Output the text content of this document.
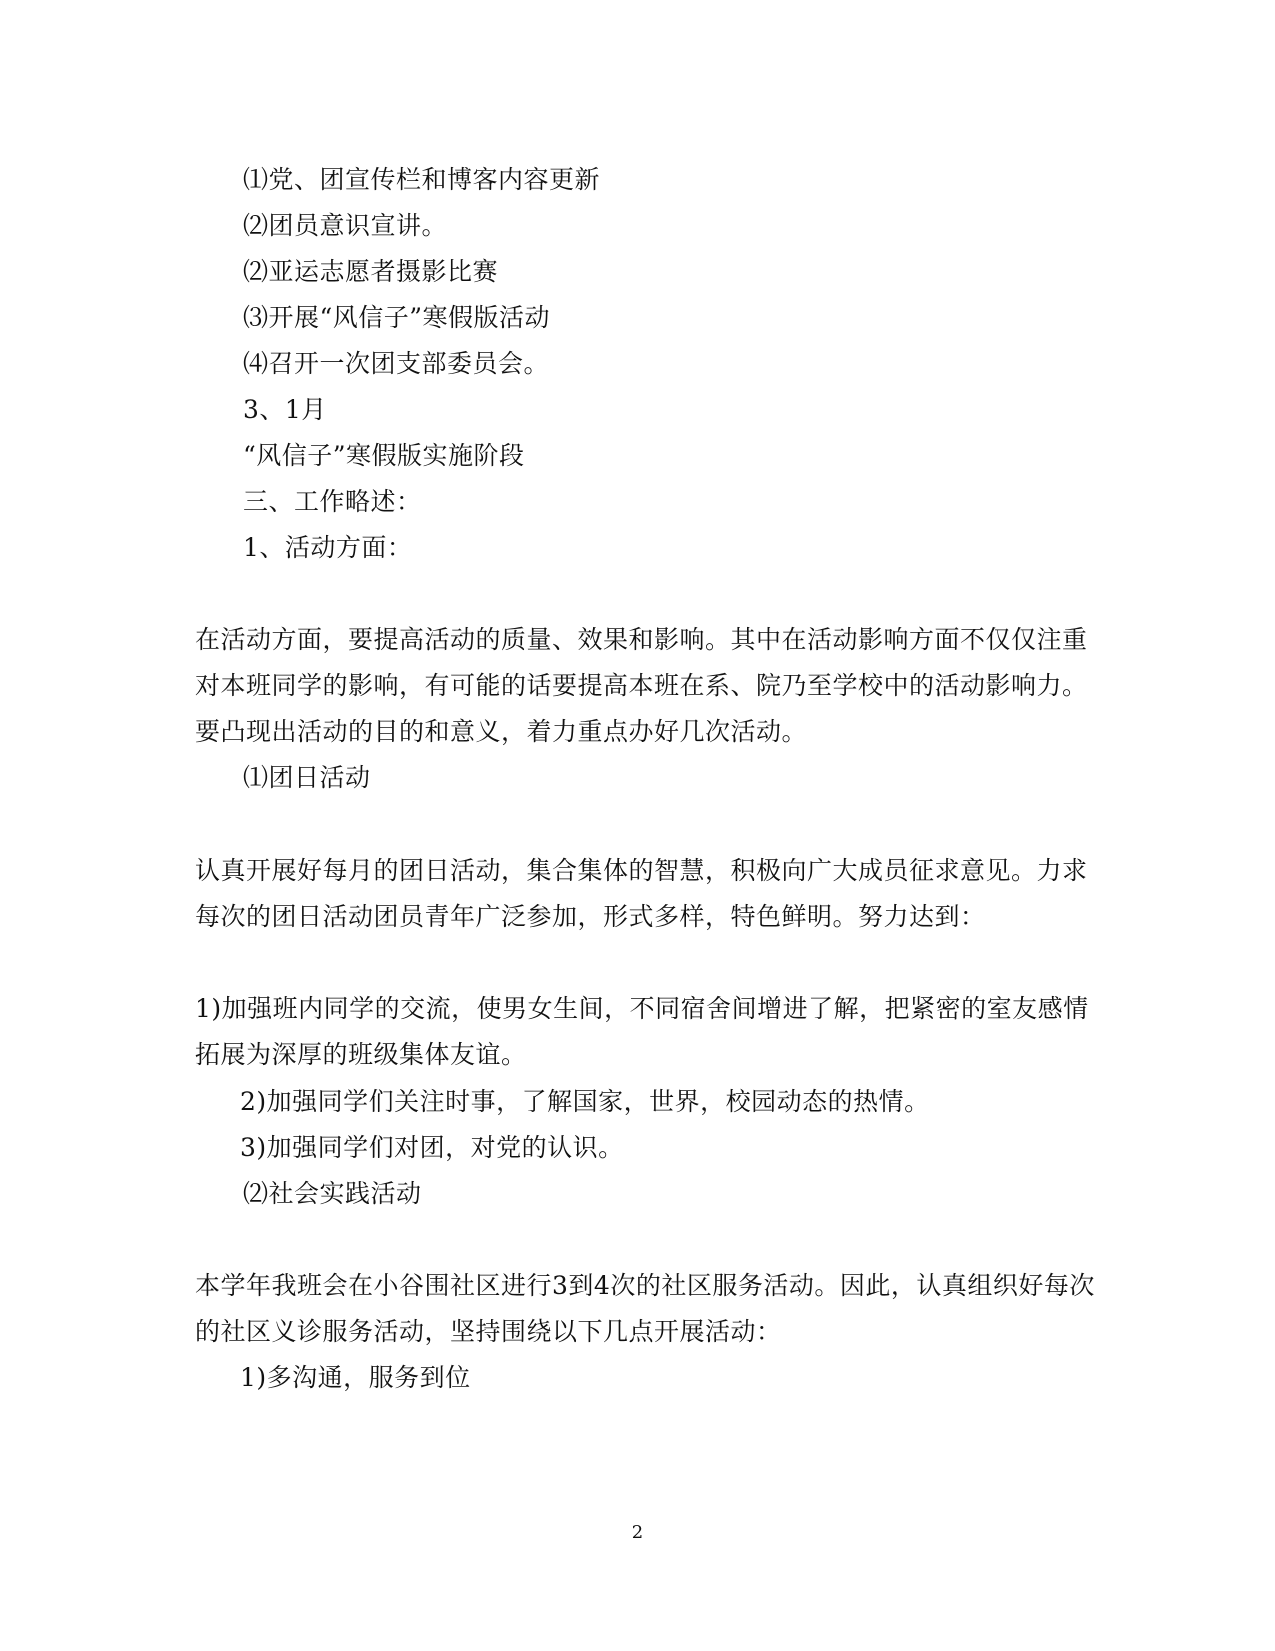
⑴党、团宣传栏和博客内容更新
⑵团员意识宣讲。
⑵亚运志愿者摄影比赛
⑶开展“风信子”寒假版活动
⑷召开一次团支部委员会。
3、1月
“风信子”寒假版实施阶段
三、工作略述：
1、活动方面：
在活动方面，要提高活动的质量、效果和影响。其中在活动影响方面不仅仅注重
对本班同学的影响，有可能的话要提高本班在系、院乃至学校中的活动影响力。
要凸现出活动的目的和意义，着力重点办好几次活动。
⑴团日活动
认真开展好每月的团日活动，集合集体的智慧，积极向广大成员征求意见。力求
每次的团日活动团员青年广泛参加，形式多样，特色鲜明。努力达到：
1)加强班内同学的交流，使男女生间，不同宿舍间增进了解，把紧密的室友感情
拓展为深厚的班级集体友谊。
2)加强同学们关注时事，了解国家，世界，校园动态的热情。
3)加强同学们对团，对党的认识。
⑵社会实践活动
本学年我班会在小谷围社区进行3到4次的社区服务活动。因此，认真组织好每次
的社区义诊服务活动，坚持围绕以下几点开展活动：
1)多沟通，服务到位
2
